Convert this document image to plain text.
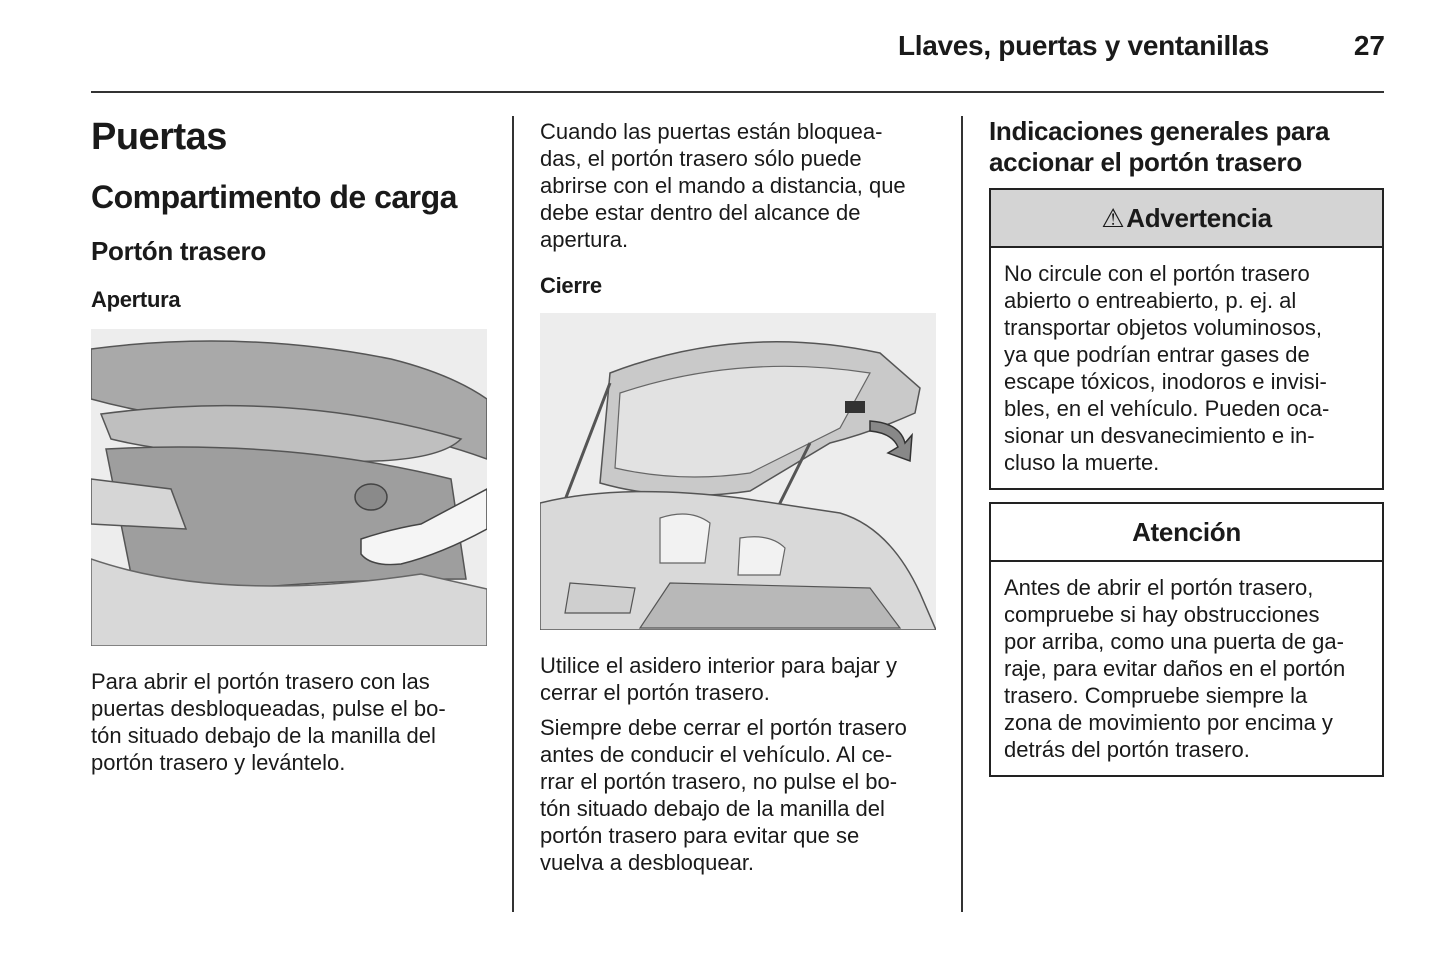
Llaves, puertas y ventanillas	27
Puertas
Compartimento de carga
Portón trasero
Apertura

Para abrir el portón trasero con las
puertas desbloqueadas, pulse el bo-
tón situado debajo de la manilla del
portón trasero y levántelo.

Cuando las puertas están bloquea-
das, el portón trasero sólo puede
abrirse con el mando a distancia, que
debe estar dentro del alcance de
apertura.

Cierre

Utilice el asidero interior para bajar y
cerrar el portón trasero.

Siempre debe cerrar el portón trasero
antes de conducir el vehículo. Al ce-
rrar el portón trasero, no pulse el bo-
tón situado debajo de la manilla del
portón trasero para evitar que se
vuelva a desbloquear.

Indicaciones generales para
accionar el portón trasero
⚠ Advertencia

No circule con el portón trasero
abierto o entreabierto, p. ej. al
transportar objetos voluminosos,
ya que podrían entrar gases de
escape tóxicos, inodoros e invisi-
bles, en el vehículo. Pueden oca-
sionar un desvanecimiento e in-
cluso la muerte.

Atención

Antes de abrir el portón trasero,
compruebe si hay obstrucciones
por arriba, como una puerta de ga-
raje, para evitar daños en el portón
trasero. Compruebe siempre la
zona de movimiento por encima y
detrás del portón trasero.
